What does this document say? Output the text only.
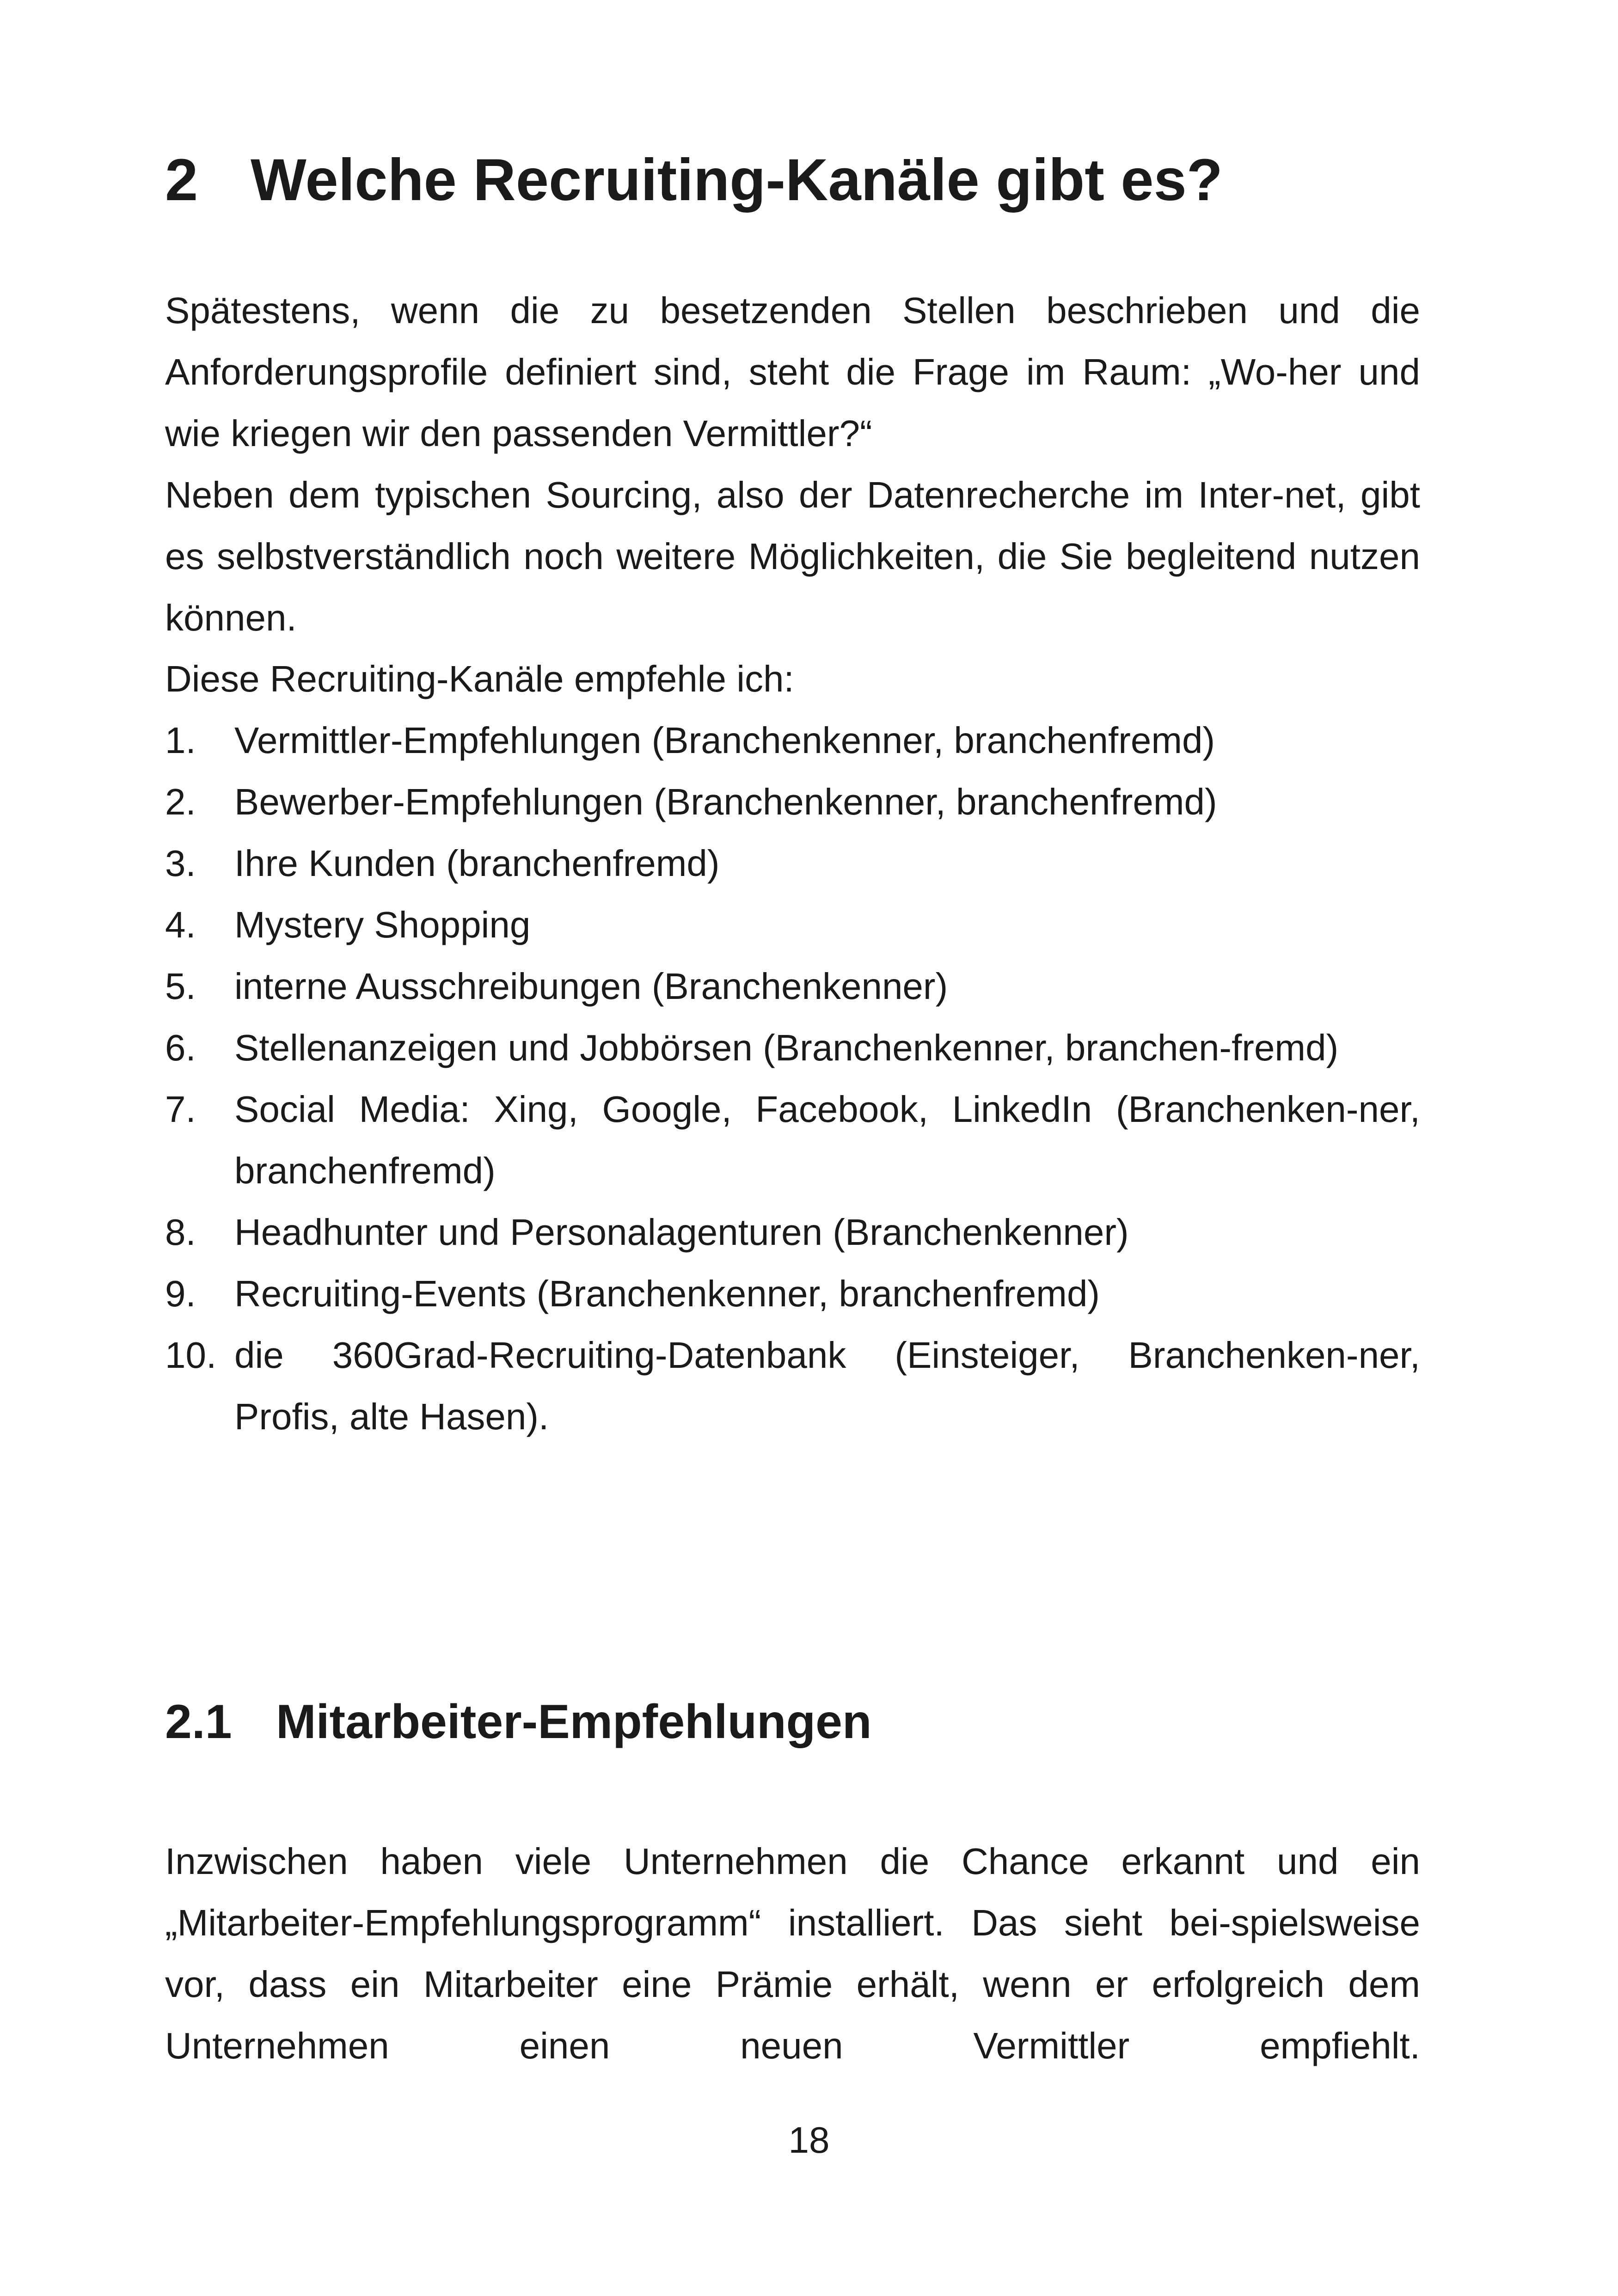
2 Welche Recruiting-Kanäle gibt es?
Spätestens, wenn die zu besetzenden Stellen beschrieben und die Anforderungsprofile definiert sind, steht die Frage im Raum: „Wo-her und wie kriegen wir den passenden Vermittler?“
Neben dem typischen Sourcing, also der Datenrecherche im Inter-net, gibt es selbstverständlich noch weitere Möglichkeiten, die Sie begleitend nutzen können.
Diese Recruiting-Kanäle empfehle ich:
1. Vermittler-Empfehlungen (Branchenkenner, branchenfremd)
2. Bewerber-Empfehlungen (Branchenkenner, branchenfremd)
3. Ihre Kunden (branchenfremd)
4. Mystery Shopping
5. interne Ausschreibungen (Branchenkenner)
6. Stellenanzeigen und Jobbörsen (Branchenkenner, branchen-fremd)
7. Social Media: Xing, Google, Facebook, LinkedIn (Branchenken-ner, branchenfremd)
8. Headhunter und Personalagenturen (Branchenkenner)
9. Recruiting-Events (Branchenkenner, branchenfremd)
10. die 360Grad-Recruiting-Datenbank (Einsteiger, Branchenken-ner, Profis, alte Hasen).
2.1 Mitarbeiter-Empfehlungen
Inzwischen haben viele Unternehmen die Chance erkannt und ein „Mitarbeiter-Empfehlungsprogramm“ installiert. Das sieht bei-spielsweise vor, dass ein Mitarbeiter eine Prämie erhält, wenn er erfolgreich dem Unternehmen einen neuen Vermittler empfiehlt.
18
